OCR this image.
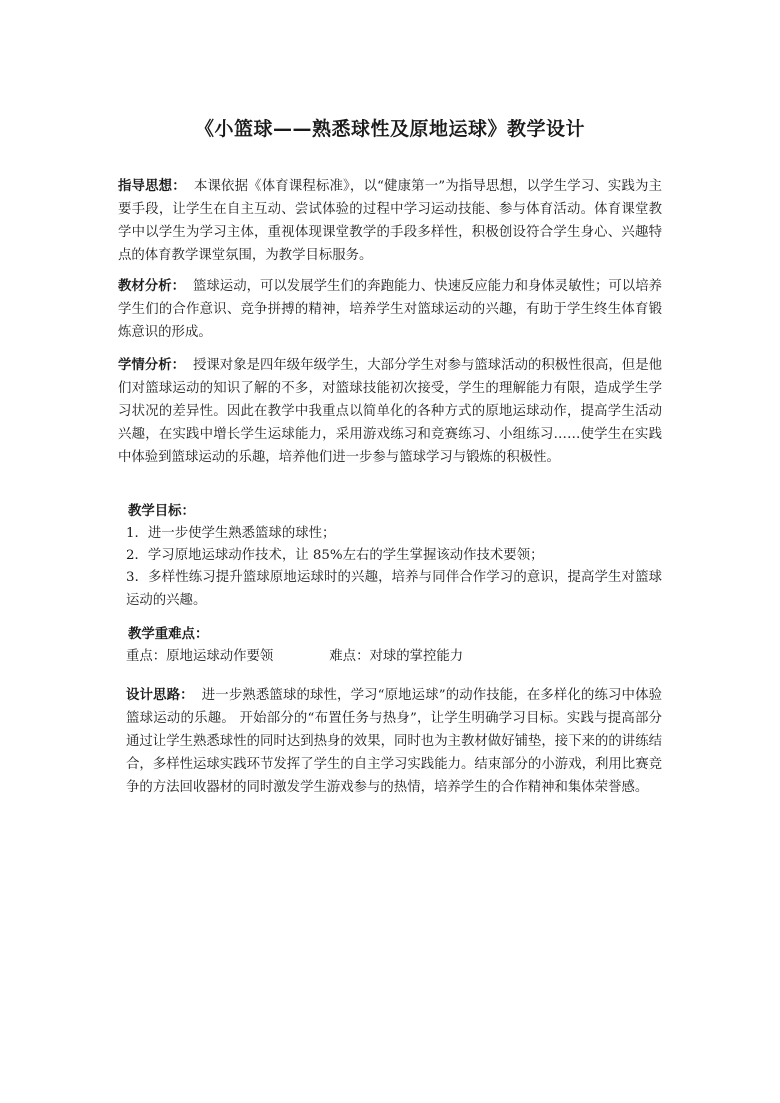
《小篮球——熟悉球性及原地运球》教学设计
指导思想： 本课依据《体育课程标准》，以“健康第一”为指导思想，以学生学习、实践为主要手段，让学生在自主互动、尝试体验的过程中学习运动技能、参与体育活动。体育课堂教学中以学生为学习主体，重视体现课堂教学的手段多样性，积极创设符合学生身心、兴趣特点的体育教学课堂氛围，为教学目标服务。
教材分析： 篮球运动，可以发展学生们的奔跑能力、快速反应能力和身体灵敏性；可以培养学生们的合作意识、竞争拼搏的精神，培养学生对篮球运动的兴趣，有助于学生终生体育锻炼意识的形成。
学情分析： 授课对象是四年级年级学生，大部分学生对参与篮球活动的积极性很高，但是他们对篮球运动的知识了解的不多，对篮球技能初次接受，学生的理解能力有限，造成学生学习状况的差异性。因此在教学中我重点以简单化的各种方式的原地运球动作，提高学生活动兴趣，在实践中增长学生运球能力，采用游戏练习和竞赛练习、小组练习……使学生在实践中体验到篮球运动的乐趣，培养他们进一步参与篮球学习与锻炼的积极性。
教学目标：
1．进一步使学生熟悉篮球的球性；
2．学习原地运球动作技术，让 85%左右的学生掌握该动作技术要领；
3．多样性练习提升篮球原地运球时的兴趣，培养与同伴合作学习的意识，提高学生对篮球运动的兴趣。
教学重难点：
重点：原地运球动作要领	难点：对球的掌控能力
设计思路： 进一步熟悉篮球的球性，学习“原地运球”的动作技能，在多样化的练习中体验篮球运动的乐趣。 开始部分的“布置任务与热身”，让学生明确学习目标。实践与提高部分通过让学生熟悉球性的同时达到热身的效果，同时也为主教材做好铺垫，接下来的的讲练结合，多样性运球实践环节发挥了学生的自主学习实践能力。结束部分的小游戏，利用比赛竞争的方法回收器材的同时激发学生游戏参与的热情，培养学生的合作精神和集体荣誉感。
